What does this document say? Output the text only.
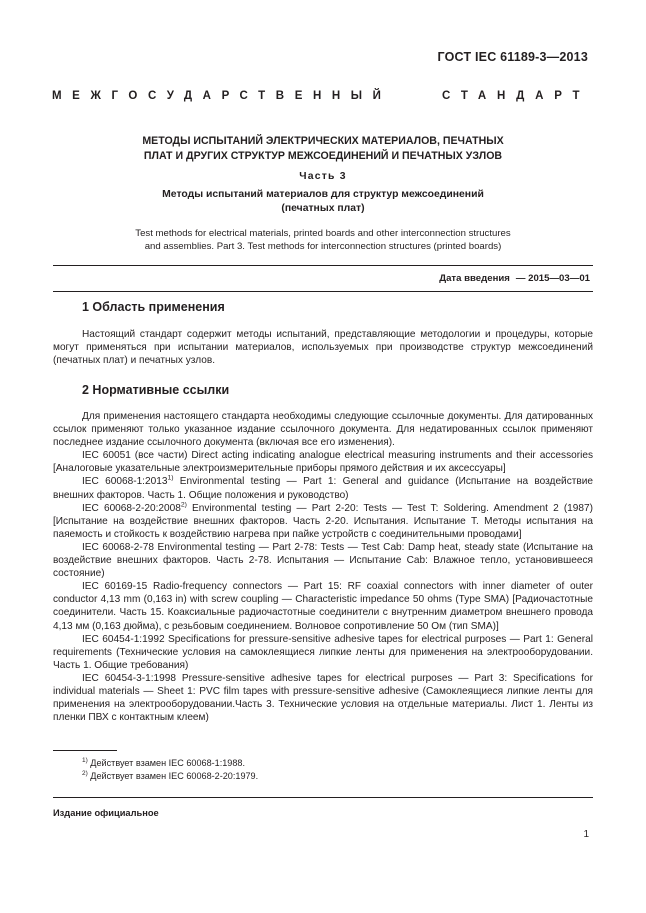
ГОСТ IEC 61189-3—2013
МЕЖГОСУДАРСТВЕННЫЙ	СТАНДАРТ
МЕТОДЫ ИСПЫТАНИЙ ЭЛЕКТРИЧЕСКИХ МАТЕРИАЛОВ, ПЕЧАТНЫХ
ПЛАТ И ДРУГИХ СТРУКТУР МЕЖСОЕДИНЕНИЙ И ПЕЧАТНЫХ УЗЛОВ
Часть 3
Методы испытаний материалов для структур межсоединений
(печатных плат)
Test methods for electrical materials, printed boards and other interconnection structures
and assemblies. Part 3. Test methods for interconnection structures (printed boards)
Дата введения — 2015—03—01
1 Область применения

Настоящий стандарт содержит методы испытаний, представляющие методологии и процедуры, которые могут применяться при испытании материалов, используемых при производстве структур межсоединений (печатных плат) и печатных узлов.

2 Нормативные ссылки

Для применения настоящего стандарта необходимы следующие ссылочные документы. Для датированных ссылок применяют только указанное издание ссылочного документа. Для недатированных ссылок применяют последнее издание ссылочного документа (включая все его изменения).

IEC 60051 (все части) Direct acting indicating analogue electrical measuring instruments and their accessories [Аналоговые указательные электроизмерительные приборы прямого действия и их аксессуары]

IEC 60068-1:2013$^{1)}$ Environmental testing — Part 1: General and guidance (Испытание на воздействие внешних факторов. Часть 1. Общие положения и руководство)

IEC 60068-2-20:2008$^{2)}$ Environmental testing — Part 2-20: Tests — Test T: Soldering. Amendment 2 (1987) [Испытание на воздействие внешних факторов. Часть 2-20. Испытания. Испытание Т. Методы испытания на паяемость и стойкость к воздействию нагрева при пайке устройств с соединительными проводами]

IEC 60068-2-78 Environmental testing — Part 2-78: Tests — Test Cab: Damp heat, steady state (Испытание на воздействие внешних факторов. Часть 2-78. Испытания — Испытание Cab: Влажное тепло, установившееся состояние)

IEC 60169-15 Radio-frequency connectors — Part 15: RF coaxial connectors with inner diameter of outer conductor 4,13 mm (0,163 in) with screw coupling — Characteristic impedance 50 ohms (Type SMA) [Радиочастотные соединители. Часть 15. Коаксиальные радиочастотные соединители с внутренним диаметром внешнего провода 4,13 мм (0,163 дюйма), с резьбовым соединением. Волновое сопротивление 50 Ом (тип SMA)]

IEC 60454-1:1992 Specifications for pressure-sensitive adhesive tapes for electrical purposes — Part 1: General requirements (Технические условия на самоклеящиеся липкие ленты для применения на электрооборудовании. Часть 1. Общие требования)

IEC 60454-3-1:1998 Pressure-sensitive adhesive tapes for electrical purposes — Part 3: Specifications for individual materials — Sheet 1: PVC film tapes with pressure-sensitive adhesive (Самоклеящиеся липкие ленты для применения на электрооборудовании.Часть 3. Технические условия на отдельные материалы. Лист 1. Ленты из пленки ПВХ с контактным клеем)

$^{1)}$ Действует взамен IEC 60068-1:1988.
$^{2)}$ Действует взамен IEC 60068-2-20:1979.
Издание официальное
1
